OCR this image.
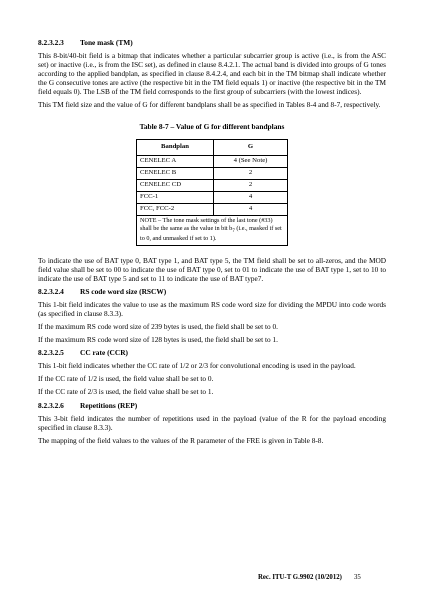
8.2.3.2.3 Tone mask (TM)

This 8-bit/40-bit field is a bitmap that indicates whether a particular subcarrier group is active (i.e., is from the ASC set) or inactive (i.e., is from the ISC set), as defined in clause 8.4.2.1. The actual band is divided into groups of G tones according to the applied bandplan, as specified in clause 8.4.2.4, and each bit in the TM bitmap shall indicate whether the G consecutive tones are active (the respective bit in the TM field equals 1) or inactive (the respective bit in the TM field equals 0). The LSB of the TM field corresponds to the first group of subcarriers (with the lowest indices).

This TM field size and the value of G for different bandplans shall be as specified in Tables 8-4 and 8-7, respectively.

Table 8-7 – Value of G for different bandplans
Bandplan	G
CENELEC A	4 (See Note)
CENELEC B	2
CENELEC CD	2
FCC-1	4
FCC, FCC-2	4
NOTE – The tone mask settings of the last tone (#33) shall be the same as the value in bit $b_7$ (i.e., masked if set to 0, and unmasked if set to 1).	

To indicate the use of BAT type 0, BAT type 1, and BAT type 5, the TM field shall be set to all-zeros, and the MOD field value shall be set to 00 to indicate the use of BAT type 0, set to 01 to indicate the use of BAT type 1, set to 10 to indicate the use of BAT type 5 and set to 11 to indicate the use of BAT type7.

8.2.3.2.4 RS code word size (RSCW)

This 1-bit field indicates the value to use as the maximum RS code word size for dividing the MPDU into code words (as specified in clause 8.3.3).

If the maximum RS code word size of 239 bytes is used, the field shall be set to 0.

If the maximum RS code word size of 128 bytes is used, the field shall be set to 1.

8.2.3.2.5 CC rate (CCR)

This 1-bit field indicates whether the CC rate of 1/2 or 2/3 for convolutional encoding is used in the payload.

If the CC rate of 1/2 is used, the field value shall be set to 0.

If the CC rate of 2/3 is used, the field value shall be set to 1.

8.2.3.2.6 Repetitions (REP)

This 3-bit field indicates the number of repetitions used in the payload (value of the R for the payload encoding specified in clause 8.3.3).

The mapping of the field values to the values of the R parameter of the FRE is given in Table 8-8.

Rec. ITU-T G.9902 (10/2012) 35
